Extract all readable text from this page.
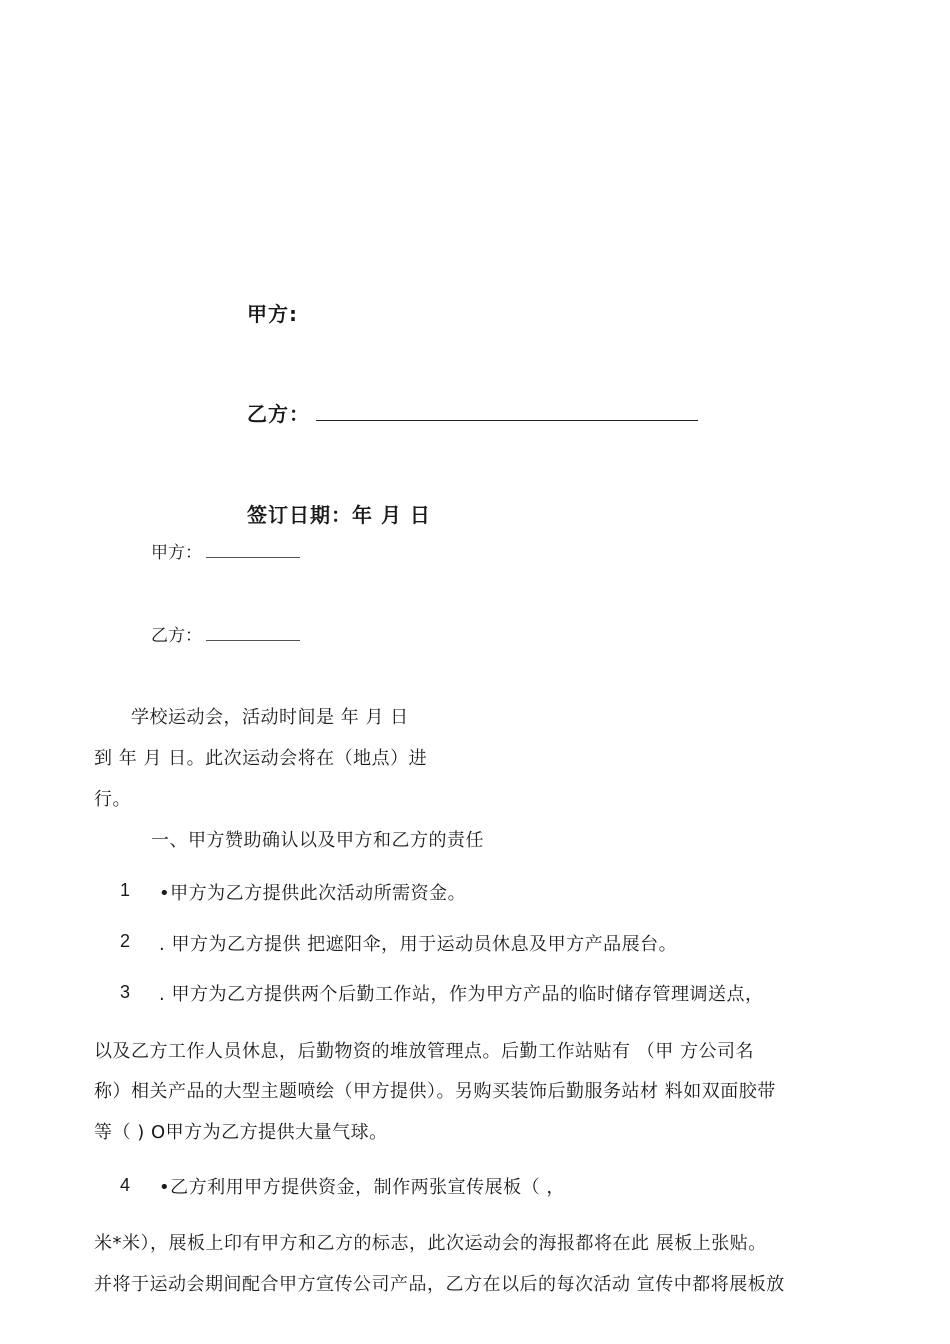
甲方:
乙方：
签订日期：年 月 日
甲方：
乙方：
学校运动会，活动时间是 年 月 日
到 年 月 日。此次运动会将在（地点）进
行。
一、甲方赞助确认以及甲方和乙方的责任
1 •甲方为乙方提供此次活动所需资金。
2 . 甲方为乙方提供 把遮阳伞，用于运动员休息及甲方产品展台。
3 . 甲方为乙方提供两个后勤工作站，作为甲方产品的临时储存管理调送点，
以及乙方工作人员休息，后勤物资的堆放管理点。后勤工作站贴有 （甲 方公司名
称）相关产品的大型主题喷绘（甲方提供）。另购买装饰后勤服务站材 料如双面胶带
等（ ) O甲方为乙方提供大量气球。
4 •乙方利用甲方提供资金，制作两张宣传展板（ ，
米*米），展板上印有甲方和乙方的标志，此次运动会的海报都将在此 展板上张贴。
并将于运动会期间配合甲方宣传公司产品，乙方在以后的每次活动 宣传中都将展板放
